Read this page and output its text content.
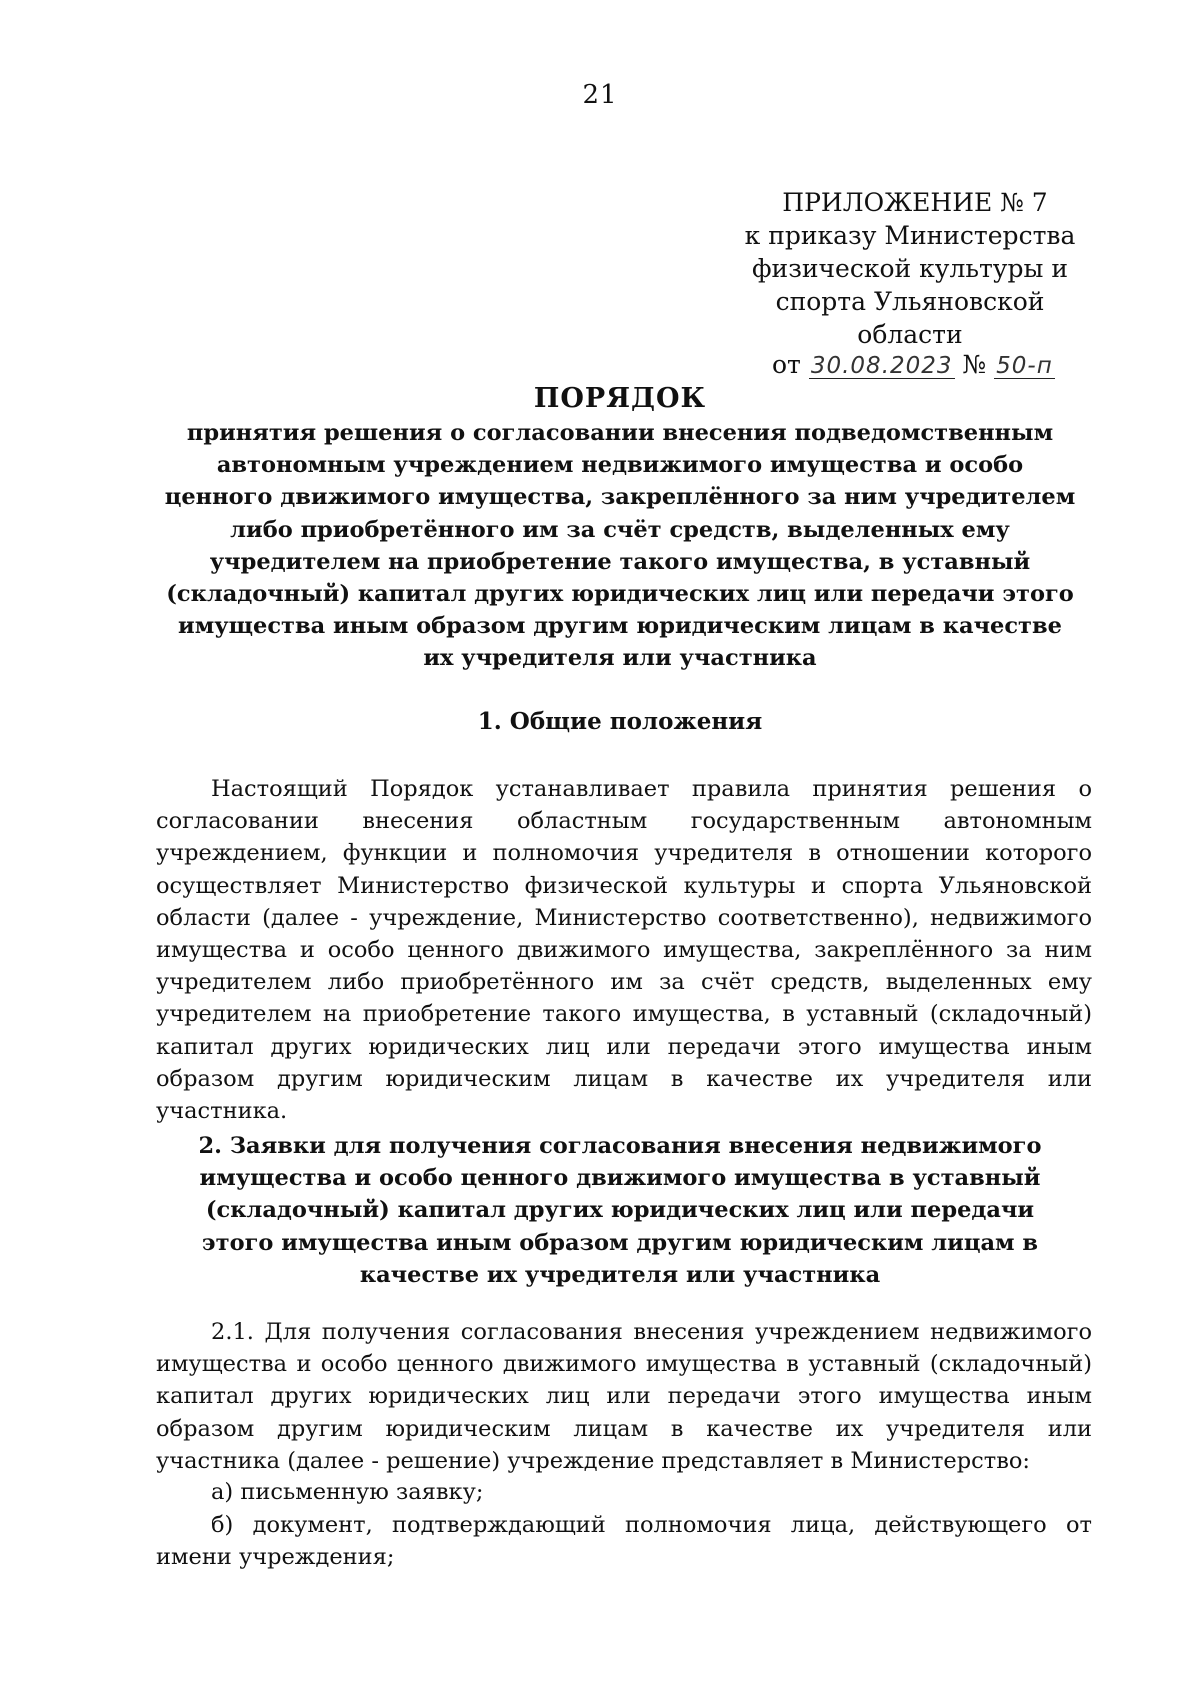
21
ПРИЛОЖЕНИЕ № 7
к приказу Министерства
физической культуры и
спорта Ульяновской области
от 30.08.2023 № 50-п

ПОРЯДОК

принятия решения о согласовании внесения подведомственным автономным учреждением недвижимого имущества и особо ценного движимого имущества, закреплённого за ним учредителем либо приобретённого им за счёт средств, выделенных ему учредителем на приобретение такого имущества, в уставный (складочный) капитал других юридических лиц или передачи этого имущества иным образом другим юридическим лицам в качестве их учредителя или участника

1. Общие положения

Настоящий Порядок устанавливает правила принятия решения о согласовании внесения областным государственным автономным учреждением, функции и полномочия учредителя в отношении которого осуществляет Министерство физической культуры и спорта Ульяновской области (далее - учреждение, Министерство соответственно), недвижимого имущества и особо ценного движимого имущества, закреплённого за ним учредителем либо приобретённого им за счёт средств, выделенных ему учредителем на приобретение такого имущества, в уставный (складочный) капитал других юридических лиц или передачи этого имущества иным образом другим юридическим лицам в качестве их учредителя или участника.

2. Заявки для получения согласования внесения недвижимого имущества и особо ценного движимого имущества в уставный (складочный) капитал других юридических лиц или передачи этого имущества иным образом другим юридическим лицам в качестве их учредителя или участника

2.1. Для получения согласования внесения учреждением недвижимого имущества и особо ценного движимого имущества в уставный (складочный) капитал других юридических лиц или передачи этого имущества иным образом другим юридическим лицам в качестве их учредителя или участника (далее - решение) учреждение представляет в Министерство:

а) письменную заявку;

б) документ, подтверждающий полномочия лица, действующего от имени учреждения;
